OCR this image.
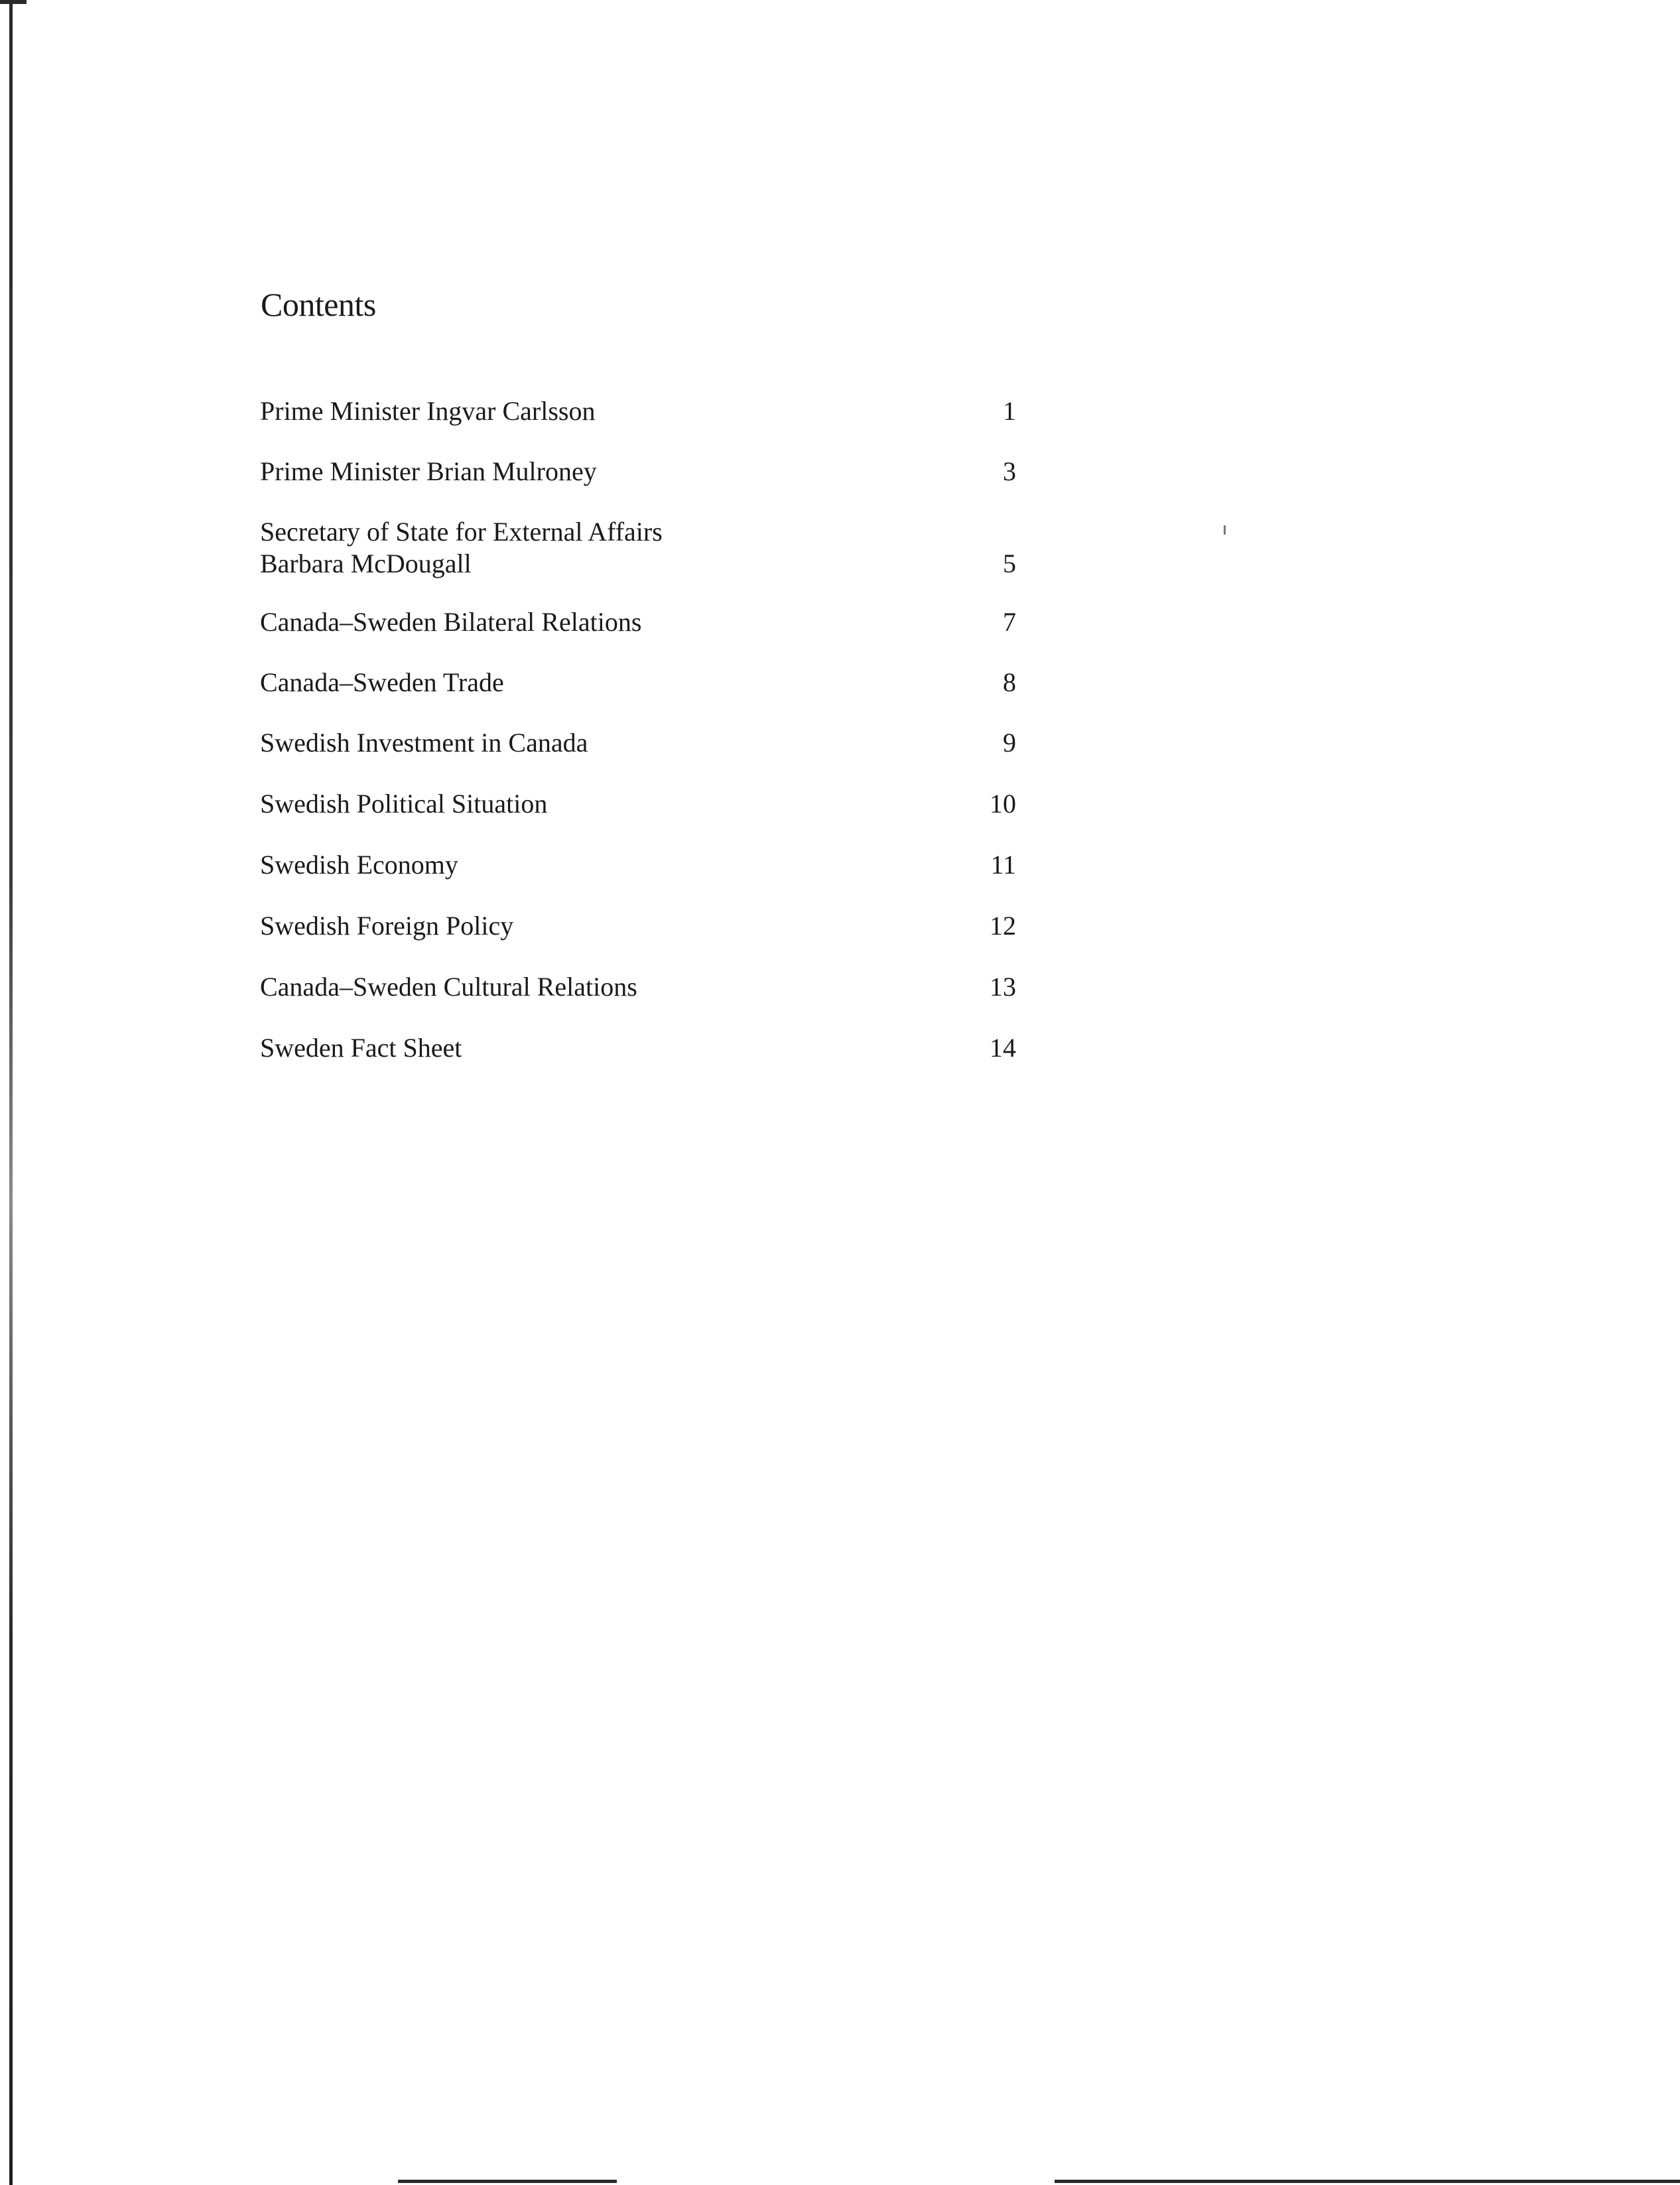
Contents
Prime Minister Ingvar Carlsson	1
Prime Minister Brian Mulroney	3
Secretary of State for External Affairs
Barbara McDougall	5
Canada–Sweden Bilateral Relations	7
Canada–Sweden Trade	8
Swedish Investment in Canada	9
Swedish Political Situation	10
Swedish Economy	11
Swedish Foreign Policy	12
Canada–Sweden Cultural Relations	13
Sweden Fact Sheet	14
